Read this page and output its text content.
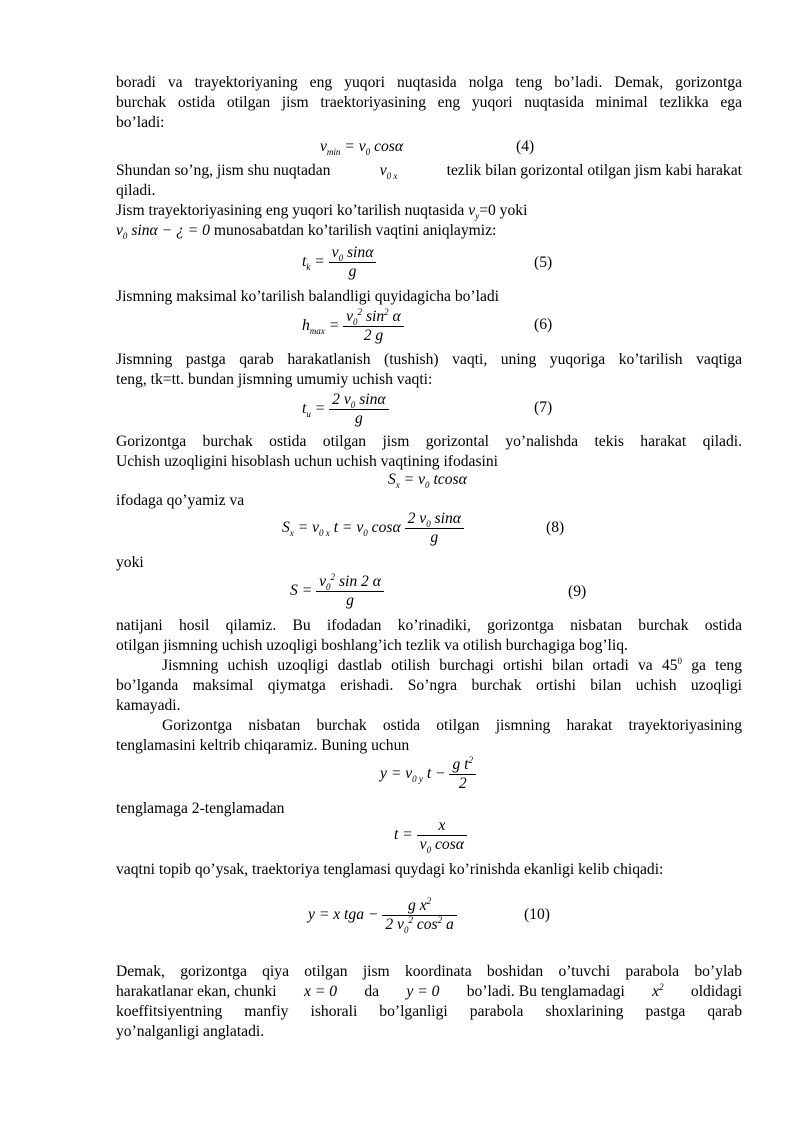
boradi va trayektoriyaning eng yuqori nuqtasida nolga teng bo’ladi. Demak, gorizontga
burchak ostida otilgan jism traektoriyasining eng yuqori nuqtasida minimal tezlikka ega
bo’ladi:
$v_{min} = v_0$ cosα	(4)
Shundan so’ng, jism shu nuqtadan	$v_{0 x}$	tezlik bilan gorizontal otilgan jism kabi harakat
qiladi.
Jism trayektoriyasining eng yuqori ko’tarilish nuqtasida $v_y=0$ yoki
$v_0$ sinα − ¿ = 0 munosabatdan ko’tarilish vaqtini aniqlaymiz:
$t_k = \frac{v_0 \sin\alpha}{g}$	(5)
Jismning maksimal ko’tarilish balandligi quyidagicha bo’ladi
$h_{max} = \frac{v_0^2 \sin^2 \alpha}{2 g}$	(6)
Jismning pastga qarab harakatlanish (tushish) vaqti, uning yuqoriga ko’tarilish vaqtiga
teng, tk=tt. bundan jismning umumiy uchish vaqti:
$t_u = \frac{2 v_0 \sin\alpha}{g}$	(7)
Gorizontga burchak ostida otilgan jism gorizontal yo’nalishda tekis harakat qiladi.
Uchish uzoqligini hisoblash uchun uchish vaqtining ifodasini
$S_x = v_0$ tcosα
ifodaga qo’yamiz va
$S_x = v_{0 x}$ $t = v_0$ cosα $\frac{2 v_0 \sin\alpha}{g}$	(8)
yoki
$S = \frac{v_0^2 \sin 2 \alpha}{g}$	(9)
natijani hosil qilamiz. Bu ifodadan ko’rinadiki, gorizontga nisbatan burchak ostida
otilgan jismning uchish uzoqligi boshlang’ich tezlik va otilish burchagiga bog’liq.
Jismning uchish uzoqligi dastlab otilish burchagi ortishi bilan ortadi va $45^0$ ga teng
bo’lganda maksimal qiymatga erishadi. So’ngra burchak ortishi bilan uchish uzoqligi
kamayadi.
Gorizontga nisbatan burchak ostida otilgan jismning harakat trayektoriyasining
tenglamasini keltrib chiqaramiz. Buning uchun
$y = v_{0 y}$ $t - \frac{g t^2}{2}$
tenglamaga 2-tenglamadan
$t = \frac{x}{v_0 \cos\alpha}$
vaqtni topib qo’ysak, traektoriya tenglamasi quydagi ko’rinishda ekanligi kelib chiqadi:
y = x tga − $\frac{g x^2}{2 v_0^2 \cos^2 a}$	(10)
Demak, gorizontga qiya otilgan jism koordinata boshidan o’tuvchi parabola bo’ylab
harakatlanar ekan, chunki x = 0 da y = 0 bo’ladi. Bu tenglamadagi $x^2$ oldidagi
koeffitsiyentning manfiy ishorali bo’lganligi parabola shoxlarining pastga qarab
yo’nalganligi anglatadi.
